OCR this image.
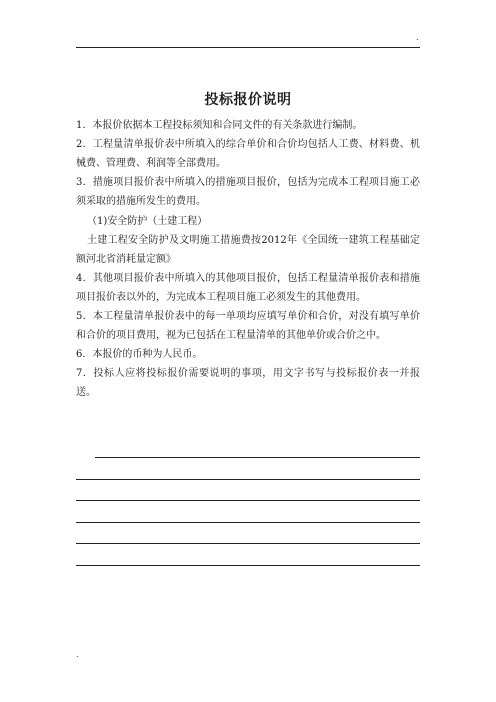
.
投标报价说明

1．本报价依据本工程投标须知和合同文件的有关条款进行编制。

2．工程量清单报价表中所填入的综合单价和合价均包括人工费、材料费、机械费、管理费、利润等全部费用。

3．措施项目报价表中所填入的措施项目报价，包括为完成本工程项目施工必须采取的措施所发生的费用。

（1)安全防护（土建工程）

土建工程安全防护及文明施工措施费按2012年《全国统一建筑工程基础定额河北省消耗量定额》

4．其他项目报价表中所填入的其他项目报价，包括工程量清单报价表和措施项目报价表以外的，为完成本工程项目施工必须发生的其他费用。

5．本工程量清单报价表中的每一单项均应填写单价和合价，对没有填写单价和合价的项目费用，视为已包括在工程量清单的其他单价或合价之中。

6．本报价的币种为人民币。

7．投标人应将投标报价需要说明的事项，用文字书写与投标报价表一并报送。

.
